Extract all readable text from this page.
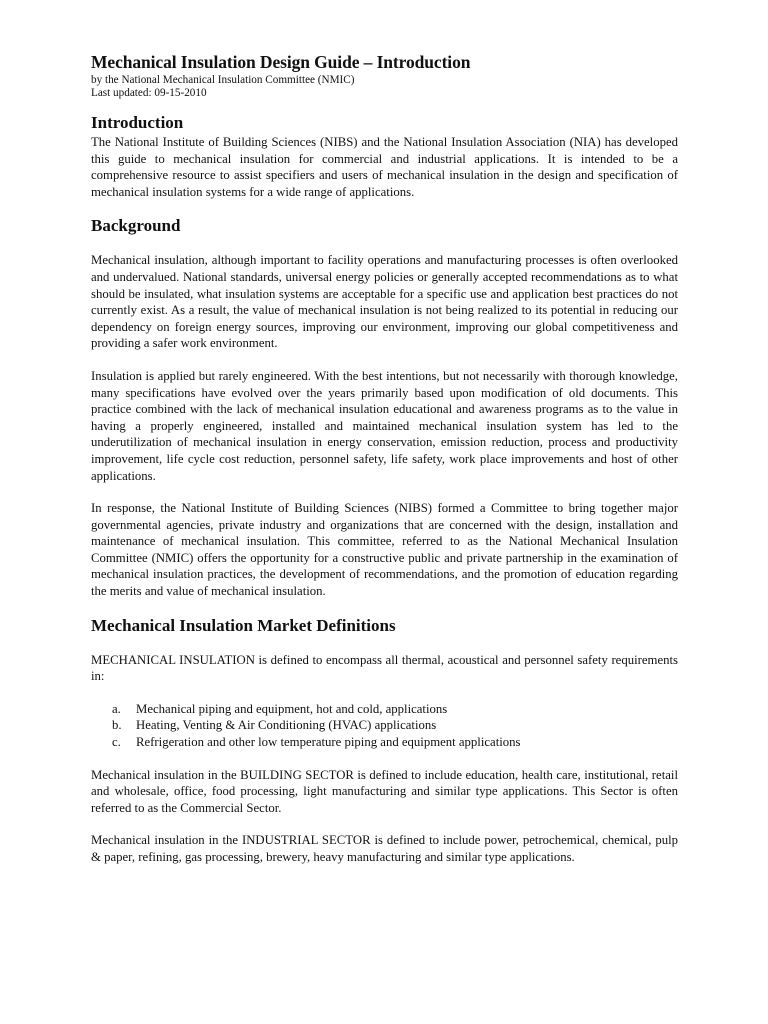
Mechanical Insulation Design Guide – Introduction

by the National Mechanical Insulation Committee (NMIC)

Last updated: 09-15-2010

Introduction

The National Institute of Building Sciences (NIBS) and the National Insulation Association (NIA) has developed this guide to mechanical insulation for commercial and industrial applications. It is intended to be a comprehensive resource to assist specifiers and users of mechanical insulation in the design and specification of mechanical insulation systems for a wide range of applications.

Background

Mechanical insulation, although important to facility operations and manufacturing processes is often overlooked and undervalued. National standards, universal energy policies or generally accepted recommendations as to what should be insulated, what insulation systems are acceptable for a specific use and application best practices do not currently exist. As a result, the value of mechanical insulation is not being realized to its potential in reducing our dependency on foreign energy sources, improving our environment, improving our global competitiveness and providing a safer work environment.

Insulation is applied but rarely engineered. With the best intentions, but not necessarily with thorough knowledge, many specifications have evolved over the years primarily based upon modification of old documents. This practice combined with the lack of mechanical insulation educational and awareness programs as to the value in having a properly engineered, installed and maintained mechanical insulation system has led to the underutilization of mechanical insulation in energy conservation, emission reduction, process and productivity improvement, life cycle cost reduction, personnel safety, life safety, work place improvements and host of other applications.

In response, the National Institute of Building Sciences (NIBS) formed a Committee to bring together major governmental agencies, private industry and organizations that are concerned with the design, installation and maintenance of mechanical insulation. This committee, referred to as the National Mechanical Insulation Committee (NMIC) offers the opportunity for a constructive public and private partnership in the examination of mechanical insulation practices, the development of recommendations, and the promotion of education regarding the merits and value of mechanical insulation.

Mechanical Insulation Market Definitions

MECHANICAL INSULATION is defined to encompass all thermal, acoustical and personnel safety requirements in:

a. Mechanical piping and equipment, hot and cold, applications
b. Heating, Venting & Air Conditioning (HVAC) applications
c. Refrigeration and other low temperature piping and equipment applications

Mechanical insulation in the BUILDING SECTOR is defined to include education, health care, institutional, retail and wholesale, office, food processing, light manufacturing and similar type applications. This Sector is often referred to as the Commercial Sector.

Mechanical insulation in the INDUSTRIAL SECTOR is defined to include power, petrochemical, chemical, pulp & paper, refining, gas processing, brewery, heavy manufacturing and similar type applications.
